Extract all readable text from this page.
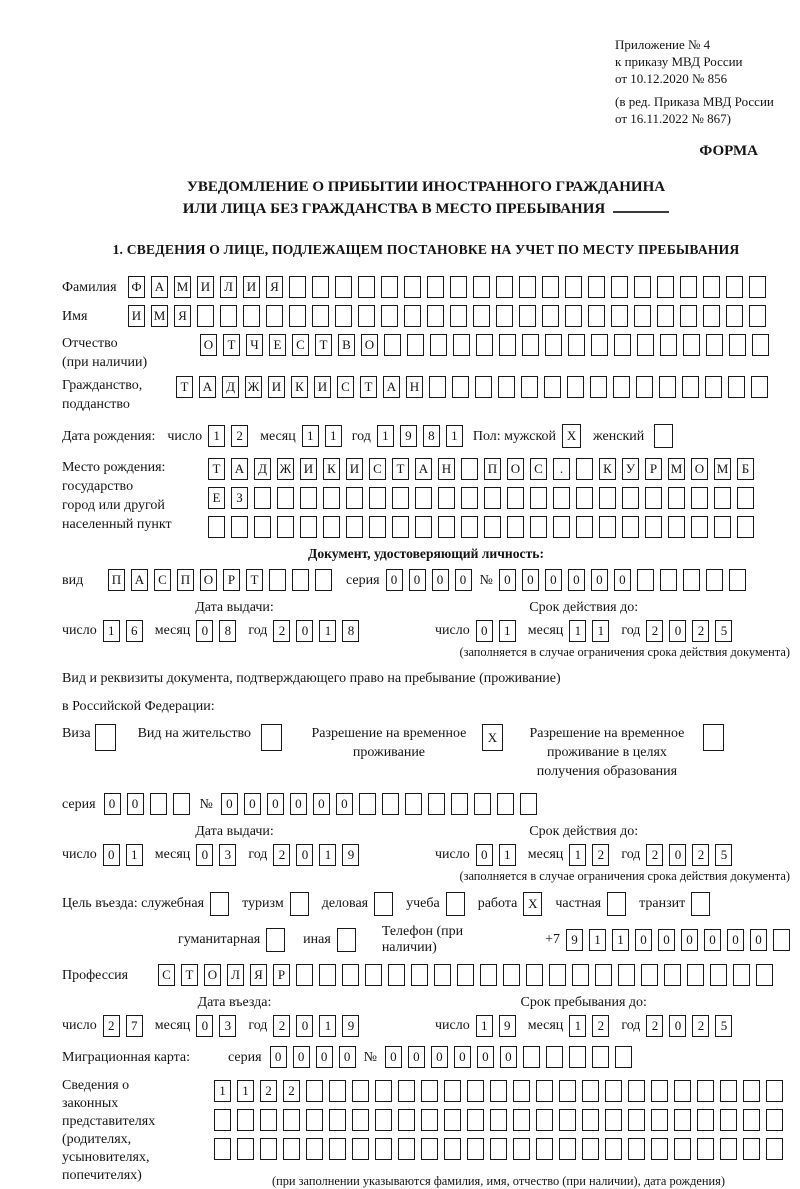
Приложение № 4
к приказу МВД России
от 10.12.2020 № 856
(в ред. Приказа МВД России
от 16.11.2022 № 867)
ФОРМА
УВЕДОМЛЕНИЕ О ПРИБЫТИИ ИНОСТРАННОГО ГРАЖДАНИНА
ИЛИ ЛИЦА БЕЗ ГРАЖДАНСТВА В МЕСТО ПРЕБЫВАНИЯ
1. СВЕДЕНИЯ О ЛИЦЕ, ПОДЛЕЖАЩЕМ ПОСТАНОВКЕ НА УЧЕТ ПО МЕСТУ ПРЕБЫВАНИЯ
Фамилия	Ф А М И	Л	И	Я
Имя	И М Я
Отчество
(при наличии)
О	Т	Ч	Е	С	Т	В	О
Гражданство,
подданство
Т	А	Д Ж И	К	И	С	Т	А Н
Дата рождения: число 1	2	месяц 1	1	год 1	9	8	1	Пол: мужской X	женский
Место рождения:
государство
город или другой
населенный пункт
Т	А	Д Ж И	К	И	С	Т	А Н	П О	С	.	К	У	Р	М О М	Б
Е	З
Документ, удостоверяющий личность:
вид	П А	С	П О	Р	Т	серия 0	0	0	0 № 0	0	0	0	0	0
Дата выдачи:
число 1	6	месяц 0	8	год 2	0	1	8
Срок действия до:
число 0	1	месяц 1	1	год 2	0	2	5
(заполняется в случае ограничения срока действия документа)
Вид и реквизиты документа, подтверждающего право на пребывание (проживание)
в Российской Федерации:
Виза	Вид на жительство	Разрешение на временное
проживание
X	Разрешение на временное
проживание в целях
получения образования
серия	0	0	№	0	0	0	0	0	0
Дата выдачи:
число 0	1	месяц 0	3	год 2	0	1	9
Срок действия до:
число 0	1	месяц 1	2	год 2	0	2	5
(заполняется в случае ограничения срока действия документа)
Цель въезда: служебная	туризм	деловая	учеба	работа X	частная	транзит
гуманитарная	иная
Телефон (при наличии)
+7 9	1	1	0	0	0	0	0	0
Профессия	С	Т	О	Л	Я	Р
Дата въезда:
число 2	7	месяц 0	3	год 2	0	1	9
Срок пребывания до:
число 1	9	месяц 1	2	год 2	0	2	5
Миграционная карта:	серия	0	0	0	0 №	0	0	0	0	0	0
Сведения о
законных
представителях
(родителях,
усыновителях,
попечителях)
1	1	2	2
(при заполнении указываются фамилия, имя, отчество (при наличии), дата рождения)
